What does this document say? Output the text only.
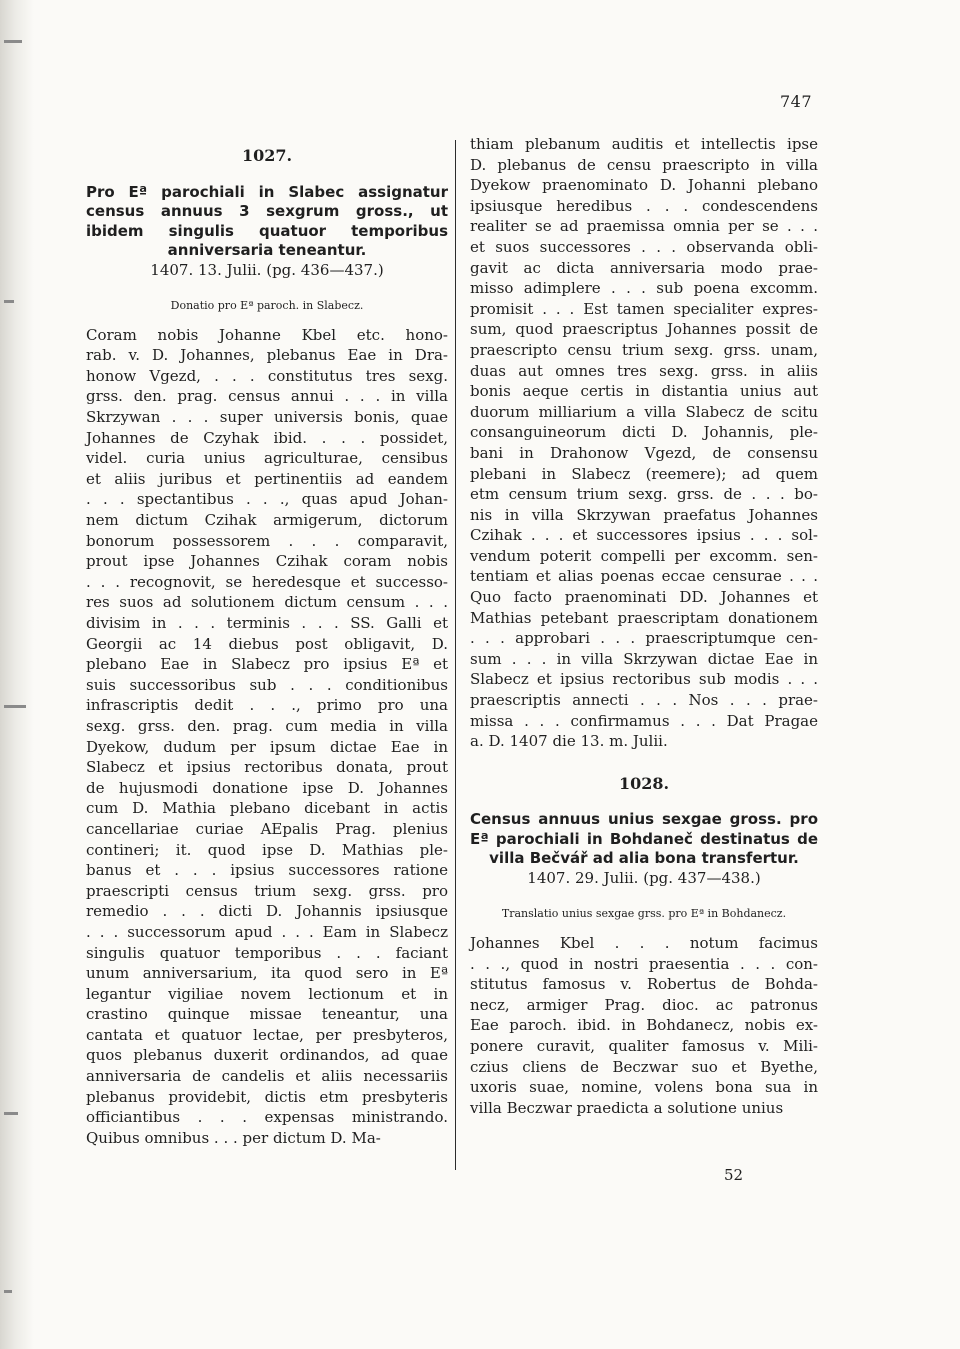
747
1027.
Pro Eª parochiali in Slabec assignatur census annuus 3 sexgrum gross., ut ibidem singulis quatuor temporibus anniversaria teneantur.
1407. 13. Julii. (pg. 436—437.)
Donatio pro Eª paroch. in Slabecz.
Coram nobis Johanne Kbel etc. hono-
rab. v. D. Johannes, plebanus Eae in Dra-
honow Vgezd, . . . constitutus tres sexg.
grss. den. prag. census annui . . . in villa
Skrzywan . . . super universis bonis, quae
Johannes de Czyhak ibid. . . . possidet,
videl. curia unius agriculturae, censibus
et aliis juribus et pertinentiis ad eandem
. . . spectantibus . . ., quas apud Johan-
nem dictum Czihak armigerum, dictorum
bonorum possessorem . . . comparavit,
prout ipse Johannes Czihak coram nobis
. . . recognovit, se heredesque et successo-
res suos ad solutionem dictum censum . . .
divisim in . . . terminis . . . SS. Galli et
Georgii ac 14 diebus post obligavit, D.
plebano Eae in Slabecz pro ipsius Eª et
suis successoribus sub . . . conditionibus
infrascriptis dedit . . ., primo pro una
sexg. grss. den. prag. cum media in villa
Dyekow, dudum per ipsum dictae Eae in
Slabecz et ipsius rectoribus donata, prout
de hujusmodi donatione ipse D. Johannes
cum D. Mathia plebano dicebant in actis
cancellariae curiae AEpalis Prag. plenius
contineri; it. quod ipse D. Mathias ple-
banus et . . . ipsius successores ratione
praescripti census trium sexg. grss. pro
remedio . . . dicti D. Johannis ipsiusque
. . . successorum apud . . . Eam in Slabecz
singulis quatuor temporibus . . . faciant
unum anniversarium, ita quod sero in Eª
legantur vigiliae novem lectionum et in
crastino quinque missae teneantur, una
cantata et quatuor lectae, per presbyteros,
quos plebanus duxerit ordinandos, ad quae
anniversaria de candelis et aliis necessariis
plebanus providebit, dictis etm presbyteris
officiantibus . . . expensas ministrando.
Quibus omnibus . . . per dictum D. Ma-
thiam plebanum auditis et intellectis ipse
D. plebanus de censu praescripto in villa
Dyekow praenominato D. Johanni plebano
ipsiusque heredibus . . . condescendens
realiter se ad praemissa omnia per se . . .
et suos successores . . . observanda obli-
gavit ac dicta anniversaria modo prae-
misso adimplere . . . sub poena excomm.
promisit . . . Est tamen specialiter expres-
sum, quod praescriptus Johannes possit de
praescripto censu trium sexg. grss. unam,
duas aut omnes tres sexg. grss. in aliis
bonis aeque certis in distantia unius aut
duorum milliarium a villa Slabecz de scitu
consanguineorum dicti D. Johannis, ple-
bani in Drahonow Vgezd, de consensu
plebani in Slabecz (reemere); ad quem
etm censum trium sexg. grss. de . . . bo-
nis in villa Skrzywan praefatus Johannes
Czihak . . . et successores ipsius . . . sol-
vendum poterit compelli per excomm. sen-
tentiam et alias poenas eccae censurae . . .
Quo facto praenominati DD. Johannes et
Mathias petebant praescriptam donationem
. . . approbari . . . praescriptumque cen-
sum . . . in villa Skrzywan dictae Eae in
Slabecz et ipsius rectoribus sub modis . . .
praescriptis annecti . . . Nos . . . prae-
missa . . . confirmamus . . . Dat Pragae
a. D. 1407 die 13. m. Julii.
1028.
Census annuus unius sexgae gross. pro Eª parochiali in Bohdaneč destinatus de villa Bečvář ad alia bona transfertur.
1407. 29. Julii. (pg. 437—438.)
Translatio unius sexgae grss. pro Eª in Bohdanecz.
Johannes Kbel . . . notum facimus
. . ., quod in nostri praesentia . . . con-
stitutus famosus v. Robertus de Bohda-
necz, armiger Prag. dioc. ac patronus
Eae paroch. ibid. in Bohdanecz, nobis ex-
ponere curavit, qualiter famosus v. Mili-
czius cliens de Beczwar suo et Byethe,
uxoris suae, nomine, volens bona sua in
villa Beczwar praedicta a solutione unius
52
